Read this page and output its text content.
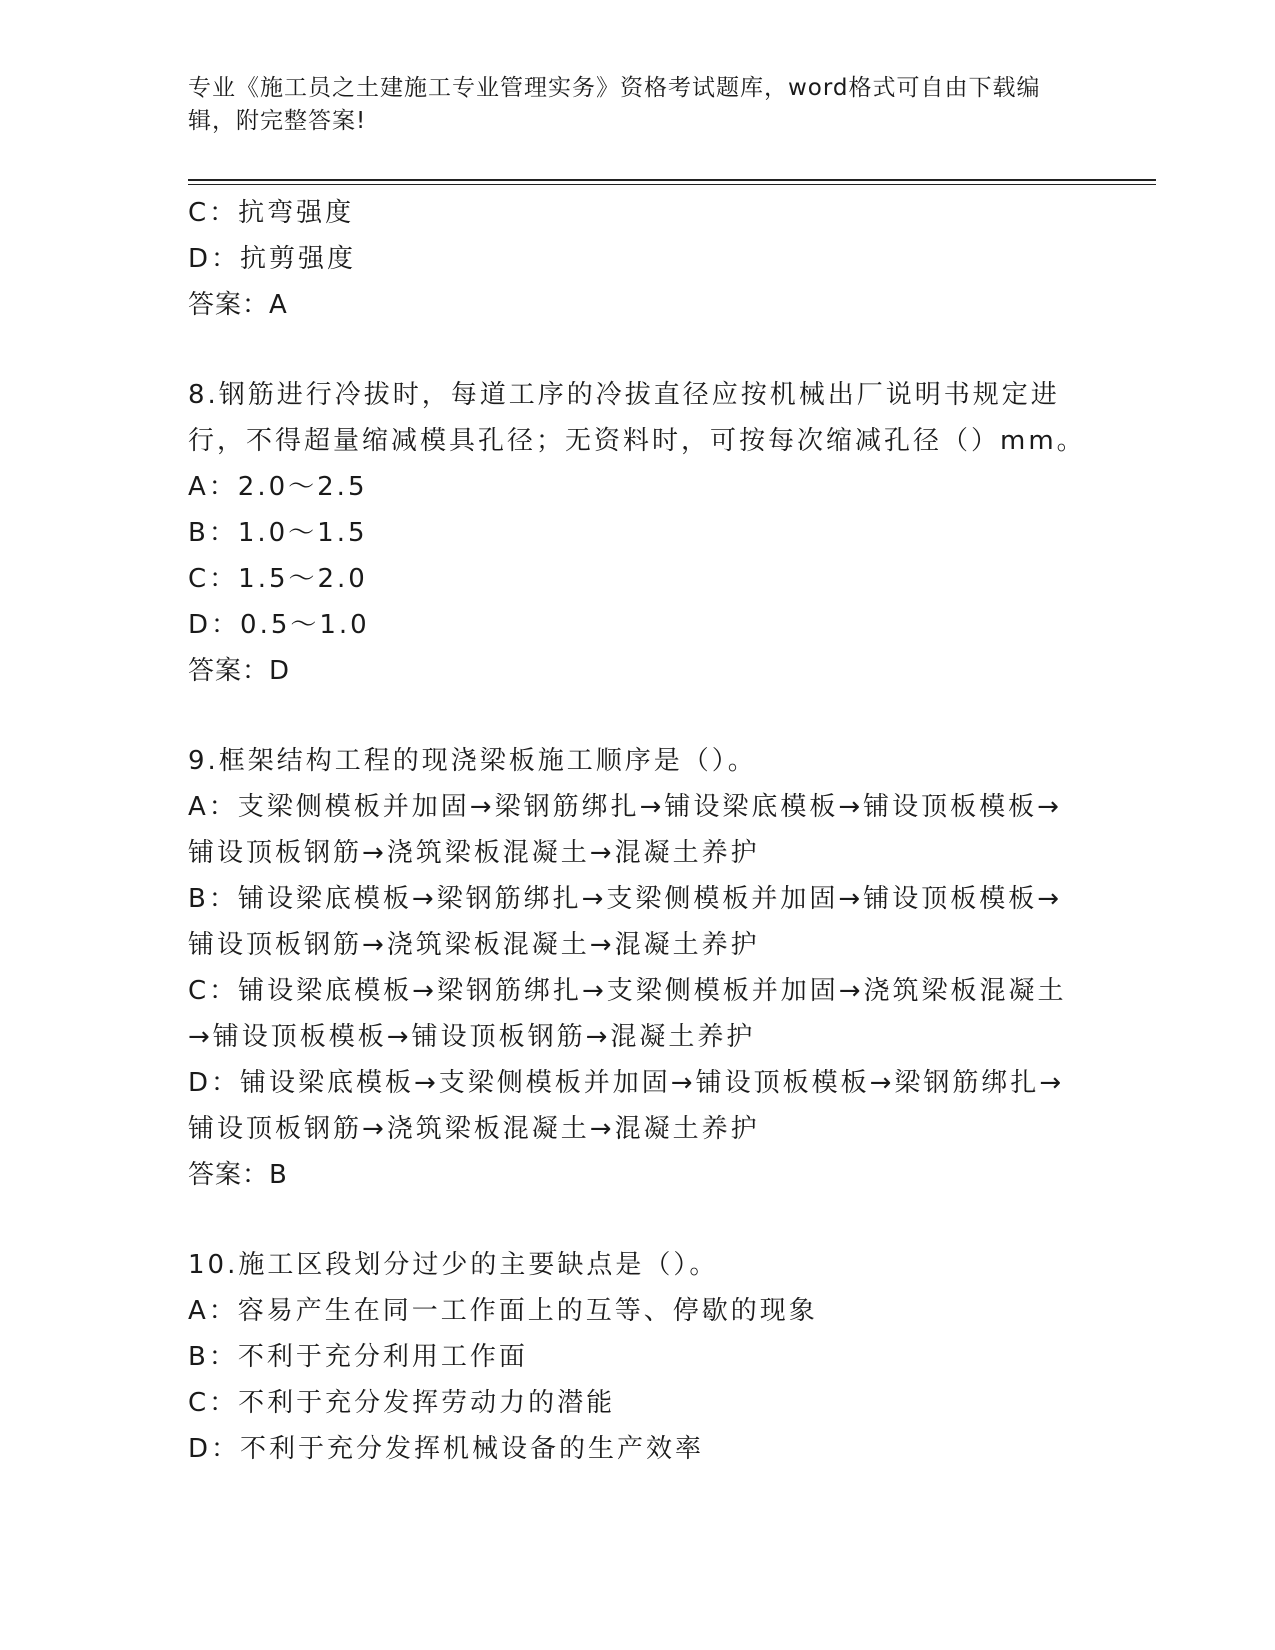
专业《施工员之土建施工专业管理实务》资格考试题库，word格式可自由下载编
辑，附完整答案!
C：抗弯强度
D：抗剪强度
答案：A
8.钢筋进行冷拔时，每道工序的冷拔直径应按机械出厂说明书规定进
行，不得超量缩减模具孔径；无资料时，可按每次缩减孔径（）mm。
A：2.0～2.5
B：1.0～1.5
C：1.5～2.0
D：0.5～1.0
答案：D
9.框架结构工程的现浇梁板施工顺序是（）。
A：支梁侧模板并加固→梁钢筋绑扎→铺设梁底模板→铺设顶板模板→
铺设顶板钢筋→浇筑梁板混凝土→混凝土养护
B：铺设梁底模板→梁钢筋绑扎→支梁侧模板并加固→铺设顶板模板→
铺设顶板钢筋→浇筑梁板混凝土→混凝土养护
C：铺设梁底模板→梁钢筋绑扎→支梁侧模板并加固→浇筑梁板混凝土
→铺设顶板模板→铺设顶板钢筋→混凝土养护
D：铺设梁底模板→支梁侧模板并加固→铺设顶板模板→梁钢筋绑扎→
铺设顶板钢筋→浇筑梁板混凝土→混凝土养护
答案：B
10.施工区段划分过少的主要缺点是（）。
A：容易产生在同一工作面上的互等、停歇的现象
B：不利于充分利用工作面
C：不利于充分发挥劳动力的潜能
D：不利于充分发挥机械设备的生产效率
